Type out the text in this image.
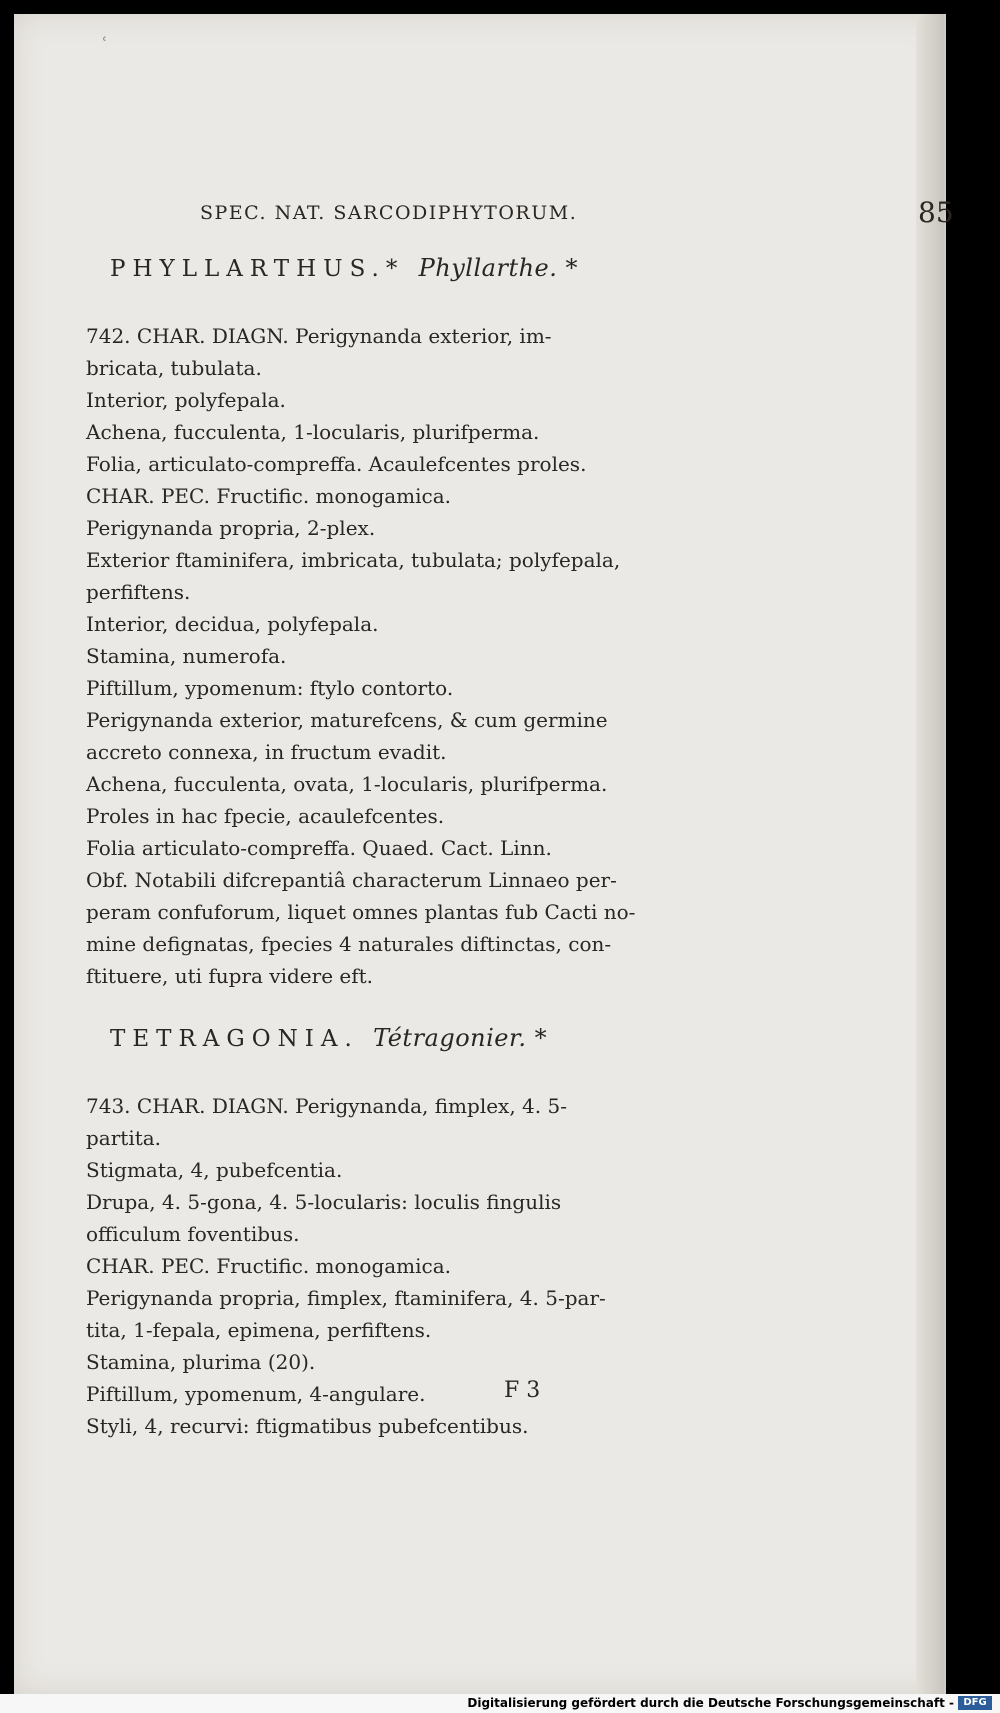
ʿ
SPEC. NAT. SARCODIPHYTORUM.	85
PHYLLARTHUS.* Phyllarthe. *
742. CHAR. DIAGN. Perigynanda exterior, im-
bricata, tubulata.
Interior, polyfepala.
Achena, fucculenta, 1-locularis, plurifperma.
Folia, articulato-compreffa. Acaulefcentes proles.
CHAR. PEC. Fructific. monogamica.
Perigynanda propria, 2-plex.
Exterior ftaminifera, imbricata, tubulata; polyfepala,
perfiftens.
Interior, decidua, polyfepala.
Stamina, numerofa.
Piftillum, ypomenum: ftylo contorto.
Perigynanda exterior, maturefcens, & cum germine
accreto connexa, in fructum evadit.
Achena, fucculenta, ovata, 1-locularis, plurifperma.
Proles in hac fpecie, acaulefcentes.
Folia articulato-compreffa. Quaed. Cact. Linn.
Obf. Notabili difcrepantiâ characterum Linnaeo per-
peram confuforum, liquet omnes plantas fub Cacti no-
mine defignatas, fpecies 4 naturales diftinctas, con-
ftituere, uti fupra videre eft.
TETRAGONIA. Tétragonier. *
743. CHAR. DIAGN. Perigynanda, fimplex, 4. 5-
partita.
Stigmata, 4, pubefcentia.
Drupa, 4. 5-gona, 4. 5-locularis: loculis fingulis
officulum foventibus.
CHAR. PEC. Fructific. monogamica.
Perigynanda propria, fimplex, ftaminifera, 4. 5-par-
tita, 1-fepala, epimena, perfiftens.
Stamina, plurima (20).
Piftillum, ypomenum, 4-angulare.
Styli, 4, recurvi: ftigmatibus pubefcentibus.
F 3
Digitalisierung gefördert durch die Deutsche Forschungsgemeinschaft - DFG
